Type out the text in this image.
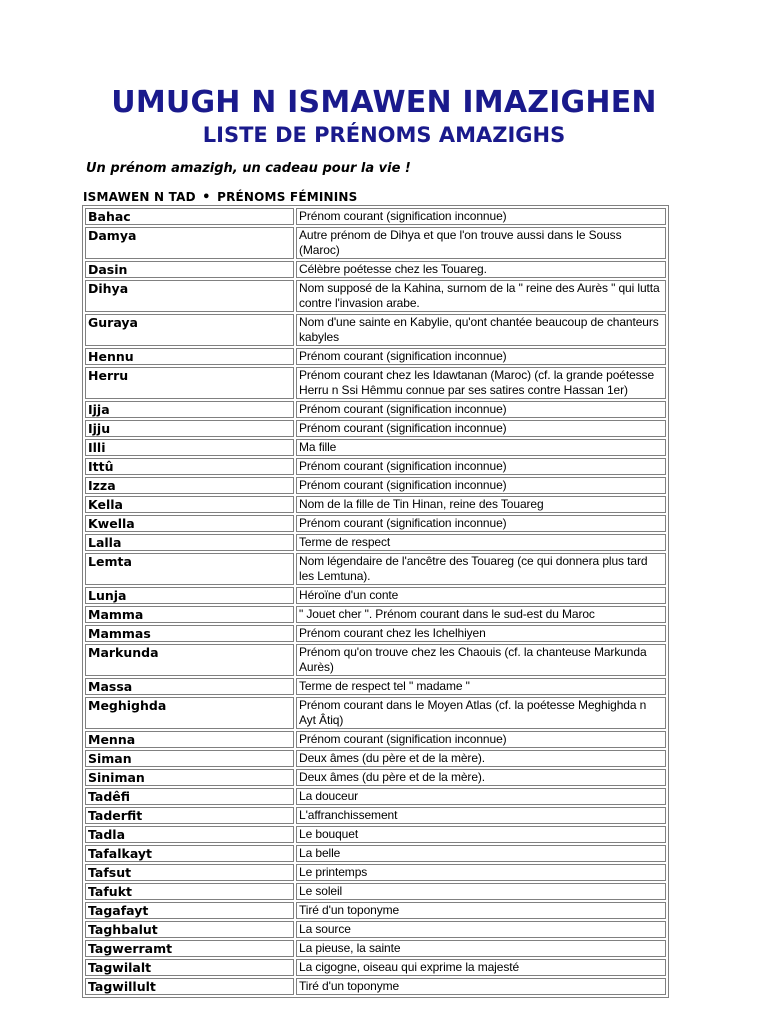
UMUGH N ISMAWEN IMAZIGHEN
LISTE DE PRÉNOMS AMAZIGHS
Un prénom amazigh, un cadeau pour la vie !
ISMAWEN N TAD • PRÉNOMS FÉMININS
Bahac	Prénom courant (signification inconnue)
Damya	Autre prénom de Dihya et que l'on trouve aussi dans le Souss (Maroc)
Dasin	Célèbre poétesse chez les Touareg.
Dihya	Nom supposé de la Kahina, surnom de la " reine des Aurès " qui lutta contre l'invasion arabe.
Guraya	Nom d'une sainte en Kabylie, qu'ont chantée beaucoup de chanteurs kabyles
Hennu	Prénom courant (signification inconnue)
Herru	Prénom courant chez les Idawtanan (Maroc) (cf. la grande poétesse Herru n Ssi Hêmmu connue par ses satires contre Hassan 1er)
Ijja	Prénom courant (signification inconnue)
Ijju	Prénom courant (signification inconnue)
Illi	Ma fille
Ittû	Prénom courant (signification inconnue)
Izza	Prénom courant (signification inconnue)
Kella	Nom de la fille de Tin Hinan, reine des Touareg
Kwella	Prénom courant (signification inconnue)
Lalla	Terme de respect
Lemta	Nom légendaire de l'ancêtre des Touareg (ce qui donnera plus tard les Lemtuna).
Lunja	Héroïne d'un conte
Mamma	" Jouet cher ". Prénom courant dans le sud-est du Maroc
Mammas	Prénom courant chez les Ichelhiyen
Markunda	Prénom qu'on trouve chez les Chaouis (cf. la chanteuse Markunda Aurès)
Massa	Terme de respect tel " madame "
Meghighda	Prénom courant dans le Moyen Atlas (cf. la poétesse Meghighda n Ayt Âtiq)
Menna	Prénom courant (signification inconnue)
Siman	Deux âmes (du père et de la mère).
Siniman	Deux âmes (du père et de la mère).
Tadêfi	La douceur
Taderfit	L'affranchissement
Tadla	Le bouquet
Tafalkayt	La belle
Tafsut	Le printemps
Tafukt	Le soleil
Tagafayt	Tiré d'un toponyme
Taghbalut	La source
Tagwerramt	La pieuse, la sainte
Tagwilalt	La cigogne, oiseau qui exprime la majesté
Tagwillult	Tiré d'un toponyme
